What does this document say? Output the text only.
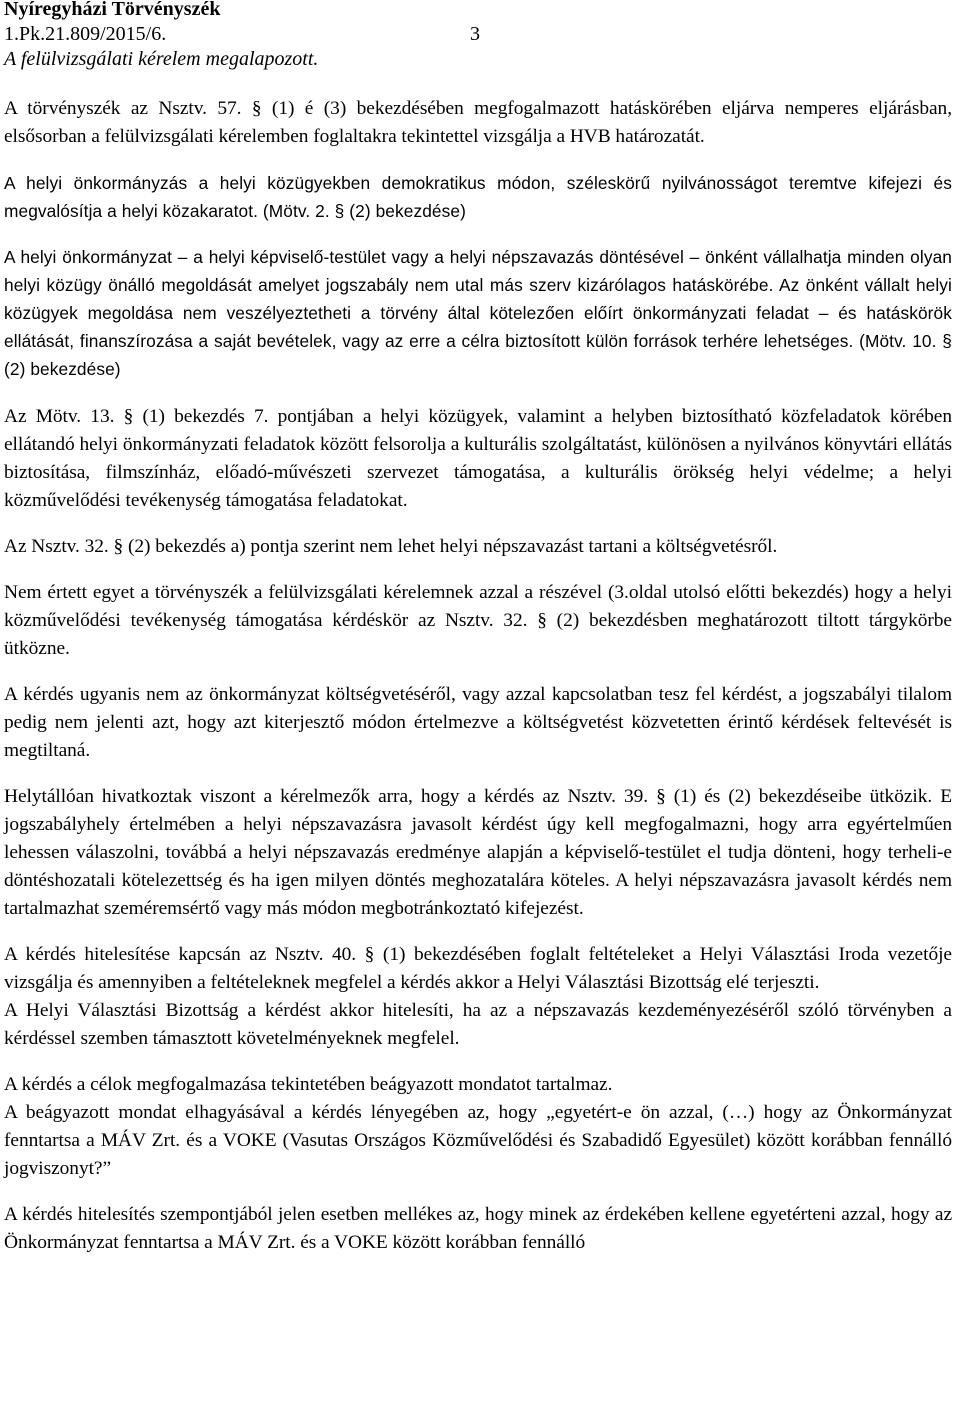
Nyíregyházi Törvényszék
1.Pk.21.809/2015/6.	3
A felülvizsgálati kérelem megalapozott.

A törvényszék az Nsztv. 57. § (1) é (3) bekezdésében megfogalmazott hatáskörében eljárva nemperes eljárásban, elsősorban a felülvizsgálati kérelemben foglaltakra tekintettel vizsgálja a HVB határozatát.

A helyi önkormányzás a helyi közügyekben demokratikus módon, széleskörű nyilvánosságot teremtve kifejezi és megvalósítja a helyi közakaratot. (Mötv. 2. § (2) bekezdése)

A helyi önkormányzat – a helyi képviselő-testület vagy a helyi népszavazás döntésével – önként vállalhatja minden olyan helyi közügy önálló megoldását amelyet jogszabály nem utal más szerv kizárólagos hatáskörébe. Az önként vállalt helyi közügyek megoldása nem veszélyeztetheti a törvény által kötelezően előírt önkormányzati feladat – és hatáskörök ellátását, finanszírozása a saját bevételek, vagy az erre a célra biztosított külön források terhére lehetséges. (Mötv. 10. § (2) bekezdése)

Az Mötv. 13. § (1) bekezdés 7. pontjában a helyi közügyek, valamint a helyben biztosítható közfeladatok körében ellátandó helyi önkormányzati feladatok között felsorolja a kulturális szolgáltatást, különösen a nyilvános könyvtári ellátás biztosítása, filmszínház, előadó-művészeti szervezet támogatása, a kulturális örökség helyi védelme; a helyi közművelődési tevékenység támogatása feladatokat.

Az Nsztv. 32. § (2) bekezdés a) pontja szerint nem lehet helyi népszavazást tartani a költségvetésről.

Nem értett egyet a törvényszék a felülvizsgálati kérelemnek azzal a részével (3.oldal utolsó előtti bekezdés) hogy a helyi közművelődési tevékenység támogatása kérdéskör az Nsztv. 32. § (2) bekezdésben meghatározott tiltott tárgykörbe ütközne.

A kérdés ugyanis nem az önkormányzat költségvetéséről, vagy azzal kapcsolatban tesz fel kérdést, a jogszabályi tilalom pedig nem jelenti azt, hogy azt kiterjesztő módon értelmezve a költségvetést közvetetten érintő kérdések feltevését is megtiltaná.

Helytállóan hivatkoztak viszont a kérelmezők arra, hogy a kérdés az Nsztv. 39. § (1) és (2) bekezdéseibe ütközik. E jogszabályhely értelmében a helyi népszavazásra javasolt kérdést úgy kell megfogalmazni, hogy arra egyértelműen lehessen válaszolni, továbbá a helyi népszavazás eredménye alapján a képviselő-testület el tudja dönteni, hogy terheli-e döntéshozatali kötelezettség és ha igen milyen döntés meghozatalára köteles. A helyi népszavazásra javasolt kérdés nem tartalmazhat szeméremsértő vagy más módon megbotránkoztató kifejezést.

A kérdés hitelesítése kapcsán az Nsztv. 40. § (1) bekezdésében foglalt feltételeket a Helyi Választási Iroda vezetője vizsgálja és amennyiben a feltételeknek megfelel a kérdés akkor a Helyi Választási Bizottság elé terjeszti.

A Helyi Választási Bizottság a kérdést akkor hitelesíti, ha az a népszavazás kezdeményezéséről szóló törvényben a kérdéssel szemben támasztott követelményeknek megfelel.

A kérdés a célok megfogalmazása tekintetében beágyazott mondatot tartalmaz.

A beágyazott mondat elhagyásával a kérdés lényegében az, hogy „egyetért-e ön azzal, (…) hogy az Önkormányzat fenntartsa a MÁV Zrt. és a VOKE (Vasutas Országos Közművelődési és Szabadidő Egyesület) között korábban fennálló jogviszonyt?”

A kérdés hitelesítés szempontjából jelen esetben mellékes az, hogy minek az érdekében kellene egyetérteni azzal, hogy az Önkormányzat fenntartsa a MÁV Zrt. és a VOKE között korábban fennálló
